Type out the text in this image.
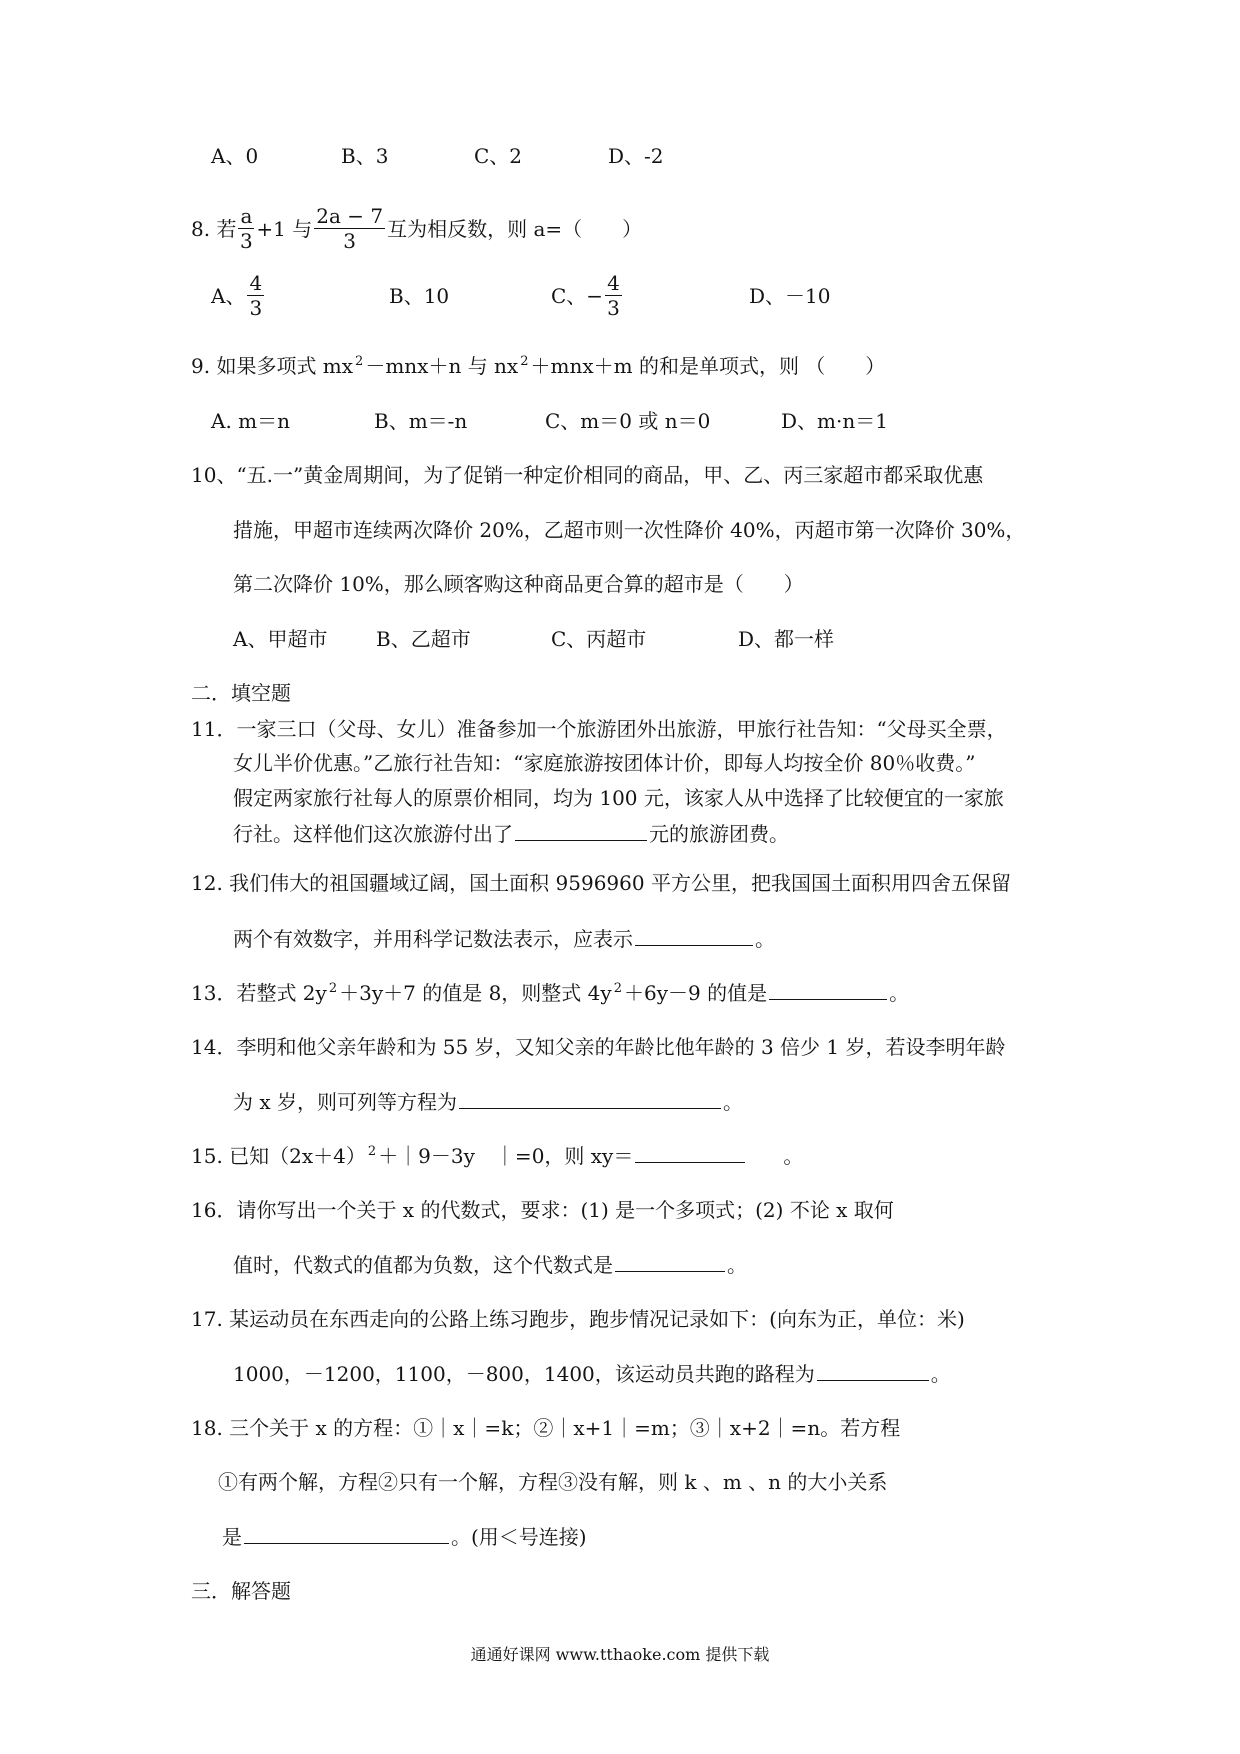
A、0	B、3	C、2	D、-2
8. 若 $\frac{a}{3} +1$ 与 $\frac{2a - 7}{3}$ 互为相反数，则 a=（　　）
A、 $\frac{4}{3}$	B、10	C、− $\frac{4}{3}$	D、－10
9. 如果多项式 mx $^2$ －mnx＋n 与 nx $^2$ ＋mnx＋m 的和是单项式，则 （　　）
A. m＝n	B、m＝-n	C、m＝0 或 n＝0	D、m·n＝1
10、“五.一”黄金周期间，为了促销一种定价相同的商品，甲、乙、丙三家超市都采取优惠
措施，甲超市连续两次降价 20%，乙超市则一次性降价 40%，丙超市第一次降价 30%，
第二次降价 10%，那么顾客购这种商品更合算的超市是（　　）
A、甲超市	B、乙超市	C、丙超市	D、都一样
二．填空题
11．一家三口（父母、女儿）准备参加一个旅游团外出旅游，甲旅行社告知：“父母买全票，
女儿半价优惠。”乙旅行社告知：“家庭旅游按团体计价，即每人均按全价 80％收费。”
假定两家旅行社每人的原票价相同，均为 100 元，该家人从中选择了比较便宜的一家旅
行社。这样他们这次旅游付出了	元的旅游团费。
12. 我们伟大的祖国疆域辽阔，国土面积 9596960 平方公里，把我国国土面积用四舍五保留
两个有效数字，并用科学记数法表示，应表示	。
13．若整式 2y $^2$ ＋3y＋7 的值是 8，则整式 4y $^2$ ＋6y－9 的值是	。
14．李明和他父亲年龄和为 55 岁，又知父亲的年龄比他年龄的 3 倍少 1 岁，若设李明年龄
为 x 岁，则可列等方程为	。
15. 已知（2x＋4） $^2$ ＋｜9－3y　｜=0，则 xy＝	。
16．请你写出一个关于 x 的代数式，要求：(1) 是一个多项式；(2) 不论 x 取何
值时，代数式的值都为负数，这个代数式是	。
17. 某运动员在东西走向的公路上练习跑步，跑步情况记录如下：(向东为正，单位：米)
1000，－1200，1100，－800，1400，该运动员共跑的路程为	。
18. 三个关于 x 的方程：①｜x｜=k；②｜x+1｜=m；③｜x+2｜=n。若方程
①有两个解，方程②只有一个解，方程③没有解，则 k 、m 、n 的大小关系
是	。(用＜号连接)
三．解答题
通通好课网 www.tthaoke.com 提供下载
